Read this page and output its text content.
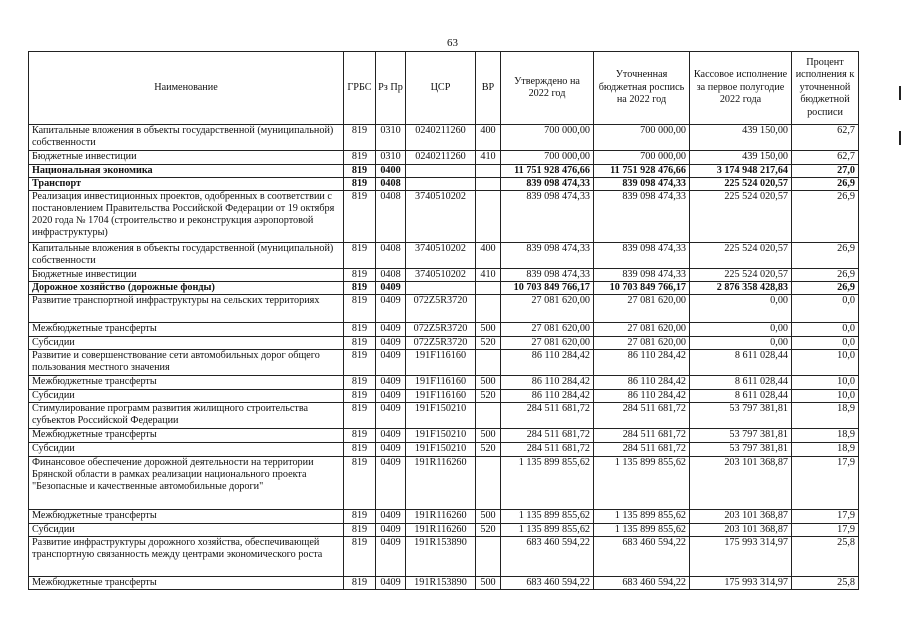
63
Наименование	ГРБС	Рз Пр	ЦСР	ВР	Утверждено на 2022 год	Уточненная бюджетная роспись на 2022 год	Кассовое исполнение за первое полугодие 2022 года	Процент исполнения к уточненной бюджетной росписи
Капитальные вложения в объекты государственной (муниципальной) собственности	819	0310	0240211260	400	700 000,00	700 000,00	439 150,00	62,7
Бюджетные инвестиции	819	0310	0240211260	410	700 000,00	700 000,00	439 150,00	62,7
Национальная экономика	819	0400			11 751 928 476,66	11 751 928 476,66	3 174 948 217,64	27,0
Транспорт	819	0408			839 098 474,33	839 098 474,33	225 524 020,57	26,9
Реализация инвестиционных проектов, одобренных в соответствии с постановлением Правительства Российской Федерации от 19 октября 2020 года № 1704 (строительство и реконструкция аэропортовой инфраструктуры)	819	0408	3740510202		839 098 474,33	839 098 474,33	225 524 020,57	26,9
Капитальные вложения в объекты государственной (муниципальной) собственности	819	0408	3740510202	400	839 098 474,33	839 098 474,33	225 524 020,57	26,9
Бюджетные инвестиции	819	0408	3740510202	410	839 098 474,33	839 098 474,33	225 524 020,57	26,9
Дорожное хозяйство (дорожные фонды)	819	0409			10 703 849 766,17	10 703 849 766,17	2 876 358 428,83	26,9
Развитие транспортной инфраструктуры на сельских территориях	819	0409	072Z5R3720		27 081 620,00	27 081 620,00	0,00	0,0
Межбюджетные трансферты	819	0409	072Z5R3720	500	27 081 620,00	27 081 620,00	0,00	0,0
Субсидии	819	0409	072Z5R3720	520	27 081 620,00	27 081 620,00	0,00	0,0
Развитие и совершенствование сети автомобильных дорог общего пользования местного значения	819	0409	191F116160		86 110 284,42	86 110 284,42	8 611 028,44	10,0
Межбюджетные трансферты	819	0409	191F116160	500	86 110 284,42	86 110 284,42	8 611 028,44	10,0
Субсидии	819	0409	191F116160	520	86 110 284,42	86 110 284,42	8 611 028,44	10,0
Стимулирование программ развития жилищного строительства субъектов Российской Федерации	819	0409	191F150210		284 511 681,72	284 511 681,72	53 797 381,81	18,9
Межбюджетные трансферты	819	0409	191F150210	500	284 511 681,72	284 511 681,72	53 797 381,81	18,9
Субсидии	819	0409	191F150210	520	284 511 681,72	284 511 681,72	53 797 381,81	18,9
Финансовое обеспечение дорожной деятельности на территории Брянской области в рамках реализации национального проекта "Безопасные и качественные автомобильные дороги"	819	0409	191R116260		1 135 899 855,62	1 135 899 855,62	203 101 368,87	17,9
Межбюджетные трансферты	819	0409	191R116260	500	1 135 899 855,62	1 135 899 855,62	203 101 368,87	17,9
Субсидии	819	0409	191R116260	520	1 135 899 855,62	1 135 899 855,62	203 101 368,87	17,9
Развитие инфраструктуры дорожного хозяйства, обеспечивающей транспортную связанность между центрами экономического роста	819	0409	191R153890		683 460 594,22	683 460 594,22	175 993 314,97	25,8
Межбюджетные трансферты	819	0409	191R153890	500	683 460 594,22	683 460 594,22	175 993 314,97	25,8
